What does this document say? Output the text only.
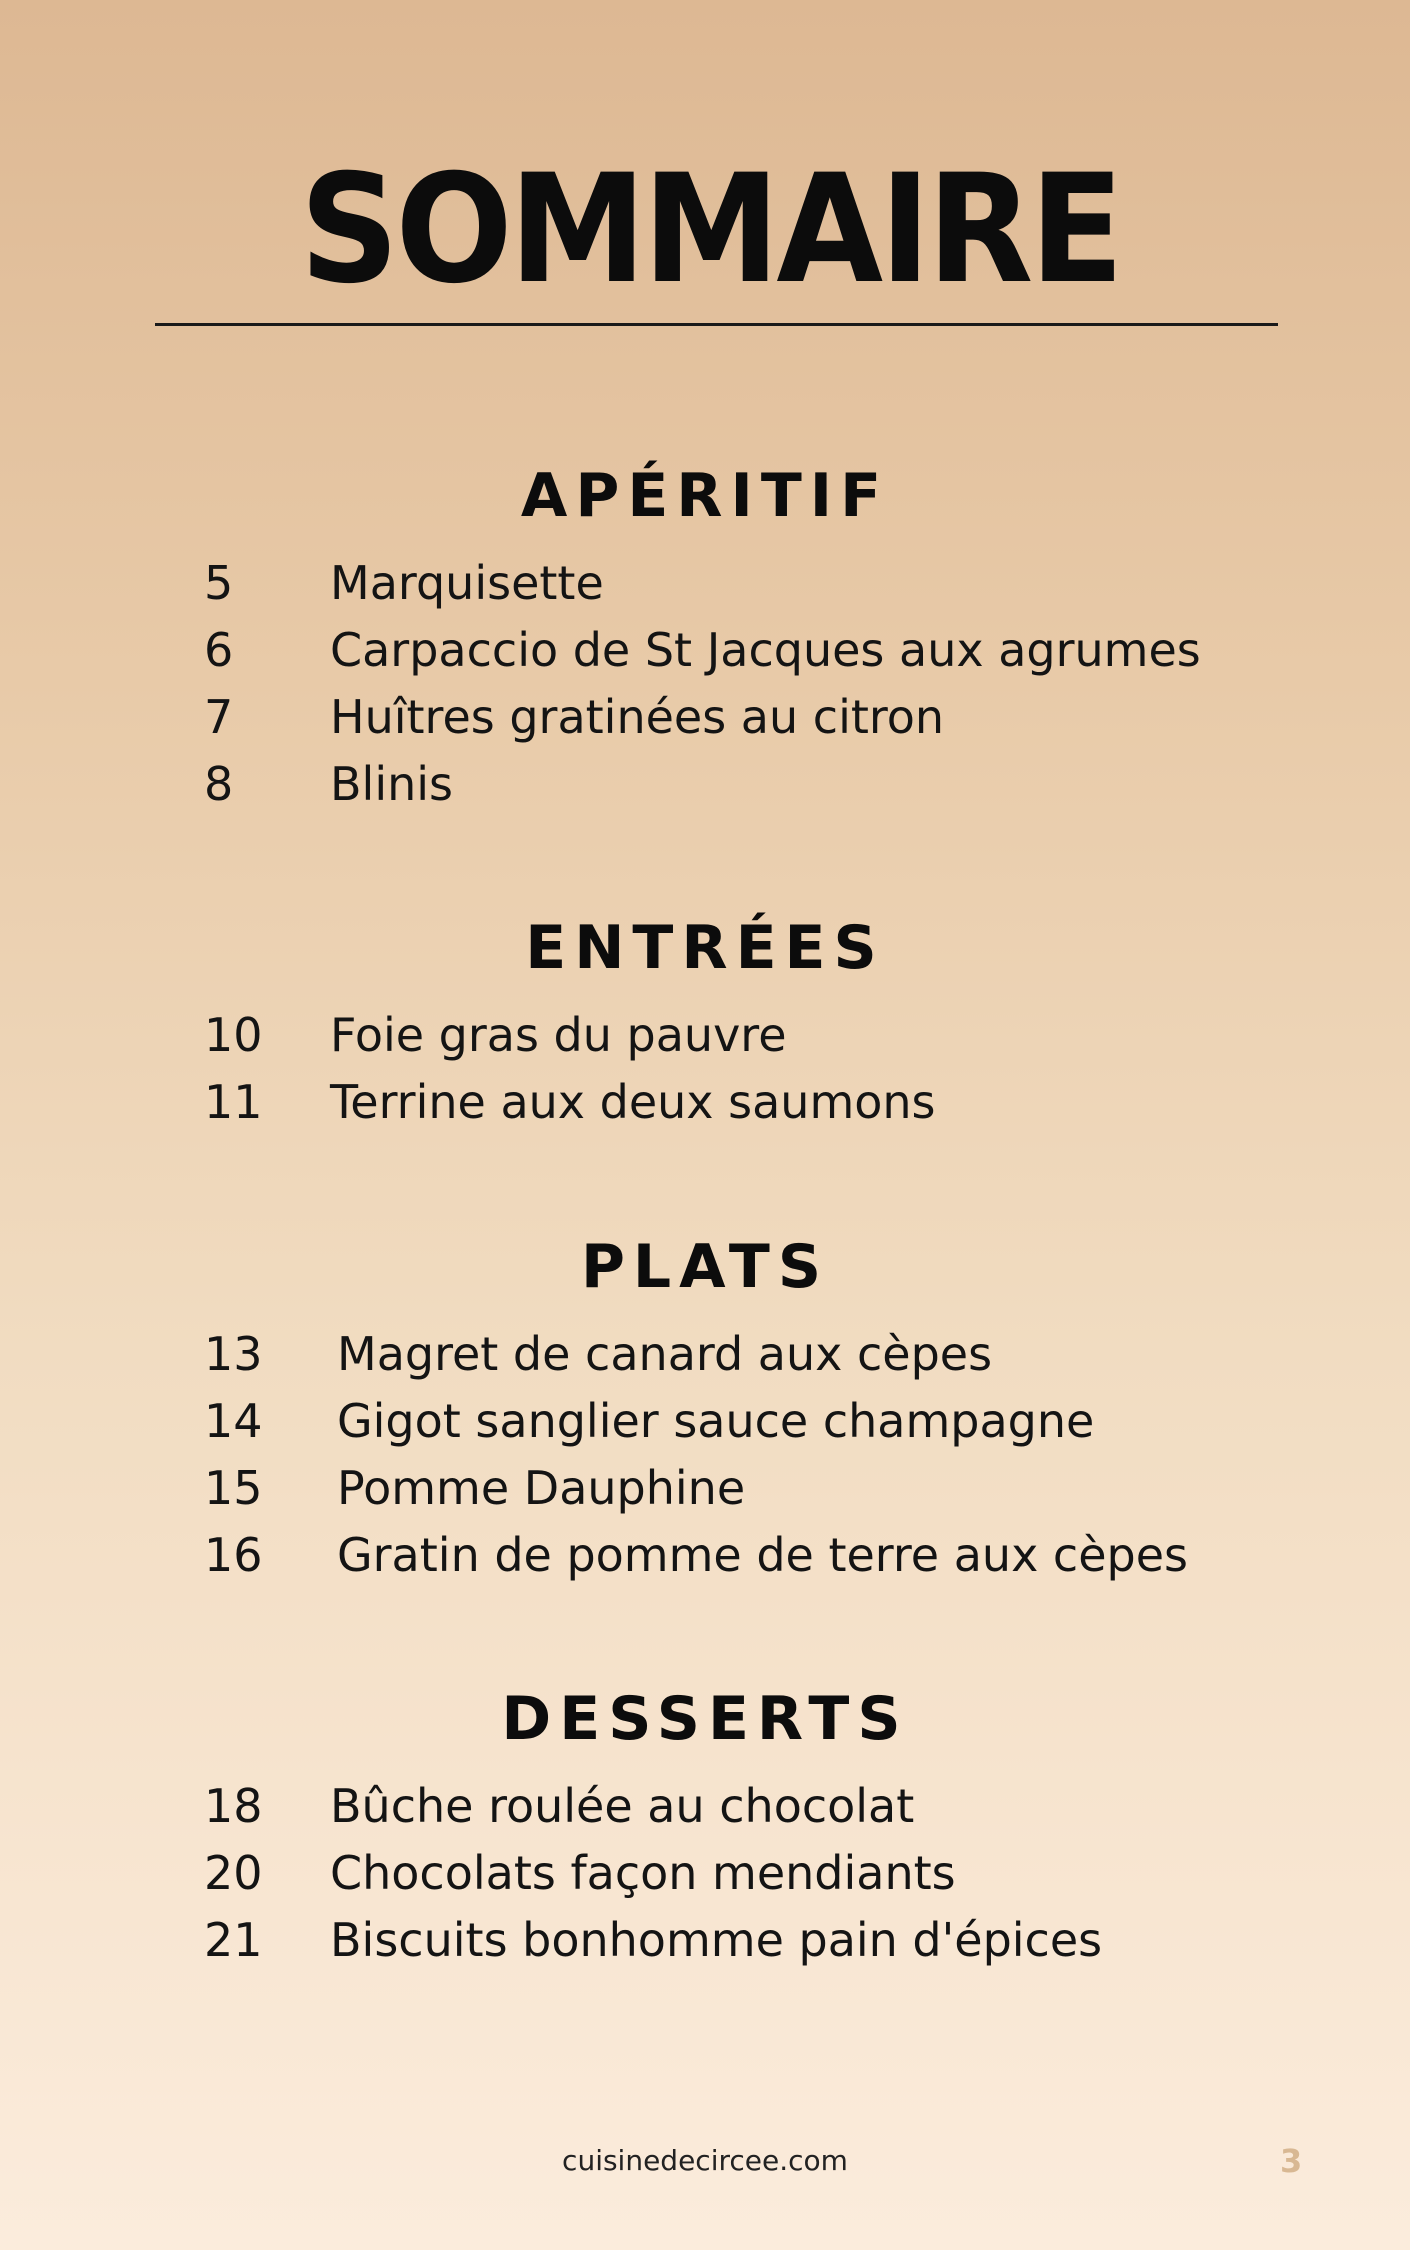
SOMMAIRE
APÉRITIF
5 Marquisette
6 Carpaccio de St Jacques aux agrumes
7 Huîtres gratinées au citron
8 Blinis
ENTRÉES
10 Foie gras du pauvre
11 Terrine aux deux saumons
PLATS
13 Magret de canard aux cèpes
14 Gigot sanglier sauce champagne
15 Pomme Dauphine
16 Gratin de pomme de terre aux cèpes
DESSERTS
18 Bûche roulée au chocolat
20 Chocolats façon mendiants
21 Biscuits bonhomme pain d'épices
cuisinedecircee.com	3
